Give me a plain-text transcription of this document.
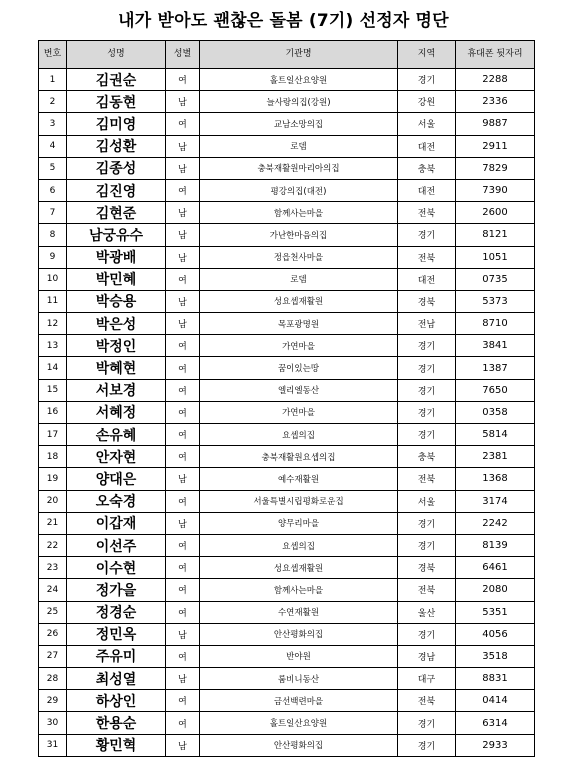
내가 받아도 괜찮은 돌봄 (7기) 선정자 명단
번호	성명	성별	기관명	지역	휴대폰 뒷자리
1	김권순	여	홀트일산요양원	경기	2288
2	김동현	남	늘사랑의집(강원)	강원	2336
3	김미영	여	교남소망의집	서울	9887
4	김성환	남	로뎀	대전	2911
5	김종성	남	충북재활원마리아의집	충북	7829
6	김진영	여	평강의집(대전)	대전	7390
7	김현준	남	함께사는마을	전북	2600
8	남궁유수	남	가난한마음의집	경기	8121
9	박광배	남	정읍천사마을	전북	1051
10	박민혜	여	로뎀	대전	0735
11	박승용	남	성요셉재활원	경북	5373
12	박은성	남	목포광명원	전남	8710
13	박정인	여	가연마을	경기	3841
14	박혜현	여	꿈이있는땅	경기	1387
15	서보경	여	엘리엘동산	경기	7650
16	서혜정	여	가연마을	경기	0358
17	손유혜	여	요셉의집	경기	5814
18	안자현	여	충북재활원요셉의집	충북	2381
19	양대은	남	예수재활원	전북	1368
20	오숙경	여	서울특별시립평화로운집	서울	3174
21	이갑재	남	양무리마을	경기	2242
22	이선주	여	요셉의집	경기	8139
23	이수현	여	성요셉재활원	경북	6461
24	정가을	여	함께사는마을	전북	2080
25	정경순	여	수연재활원	울산	5351
26	정민옥	남	안산평화의집	경기	4056
27	주유미	여	반야원	경남	3518
28	최성열	남	룸비니동산	대구	8831
29	하상인	여	금선백련마을	전북	0414
30	한용순	여	홀트일산요양원	경기	6314
31	황민혁	남	안산평화의집	경기	2933
